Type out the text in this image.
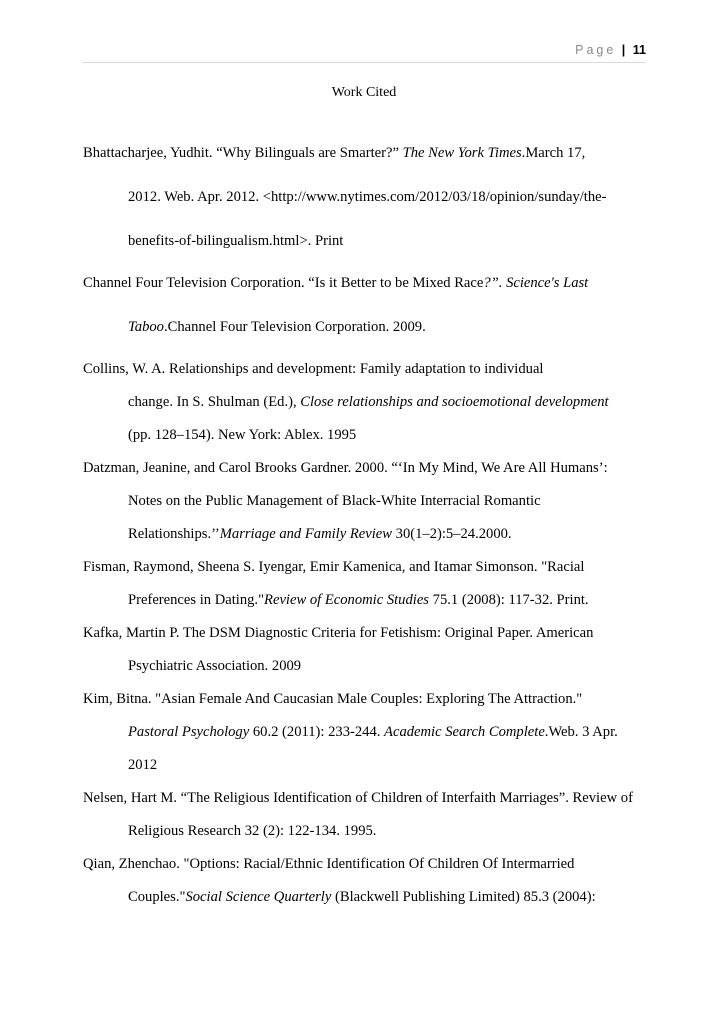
Page | 11
Work Cited
Bhattacharjee, Yudhit. “Why Bilinguals are Smarter?” The New York Times.March 17,
2012. Web. Apr. 2012. <http://www.nytimes.com/2012/03/18/opinion/sunday/the-
benefits-of-bilingualism.html>. Print
Channel Four Television Corporation. “Is it Better to be Mixed Race?”. Science's Last
Taboo.Channel Four Television Corporation. 2009.
Collins, W. A. Relationships and development: Family adaptation to individual
change. In S. Shulman (Ed.), Close relationships and socioemotional development
(pp. 128–154). New York: Ablex. 1995
Datzman, Jeanine, and Carol Brooks Gardner. 2000. “‘In My Mind, We Are All Humans’:
Notes on the Public Management of Black-White Interracial Romantic
Relationships.’’Marriage and Family Review 30(1–2):5–24.2000.
Fisman, Raymond, Sheena S. Iyengar, Emir Kamenica, and Itamar Simonson. "Racial
Preferences in Dating."Review of Economic Studies 75.1 (2008): 117-32. Print.
Kafka, Martin P. The DSM Diagnostic Criteria for Fetishism: Original Paper. American
Psychiatric Association. 2009
Kim, Bitna. "Asian Female And Caucasian Male Couples: Exploring The Attraction."
Pastoral Psychology 60.2 (2011): 233-244. Academic Search Complete.Web. 3 Apr.
2012
Nelsen, Hart M. “The Religious Identification of Children of Interfaith Marriages”. Review of
Religious Research 32 (2): 122-134. 1995.
Qian, Zhenchao. "Options: Racial/Ethnic Identification Of Children Of Intermarried
Couples."Social Science Quarterly (Blackwell Publishing Limited) 85.3 (2004):
